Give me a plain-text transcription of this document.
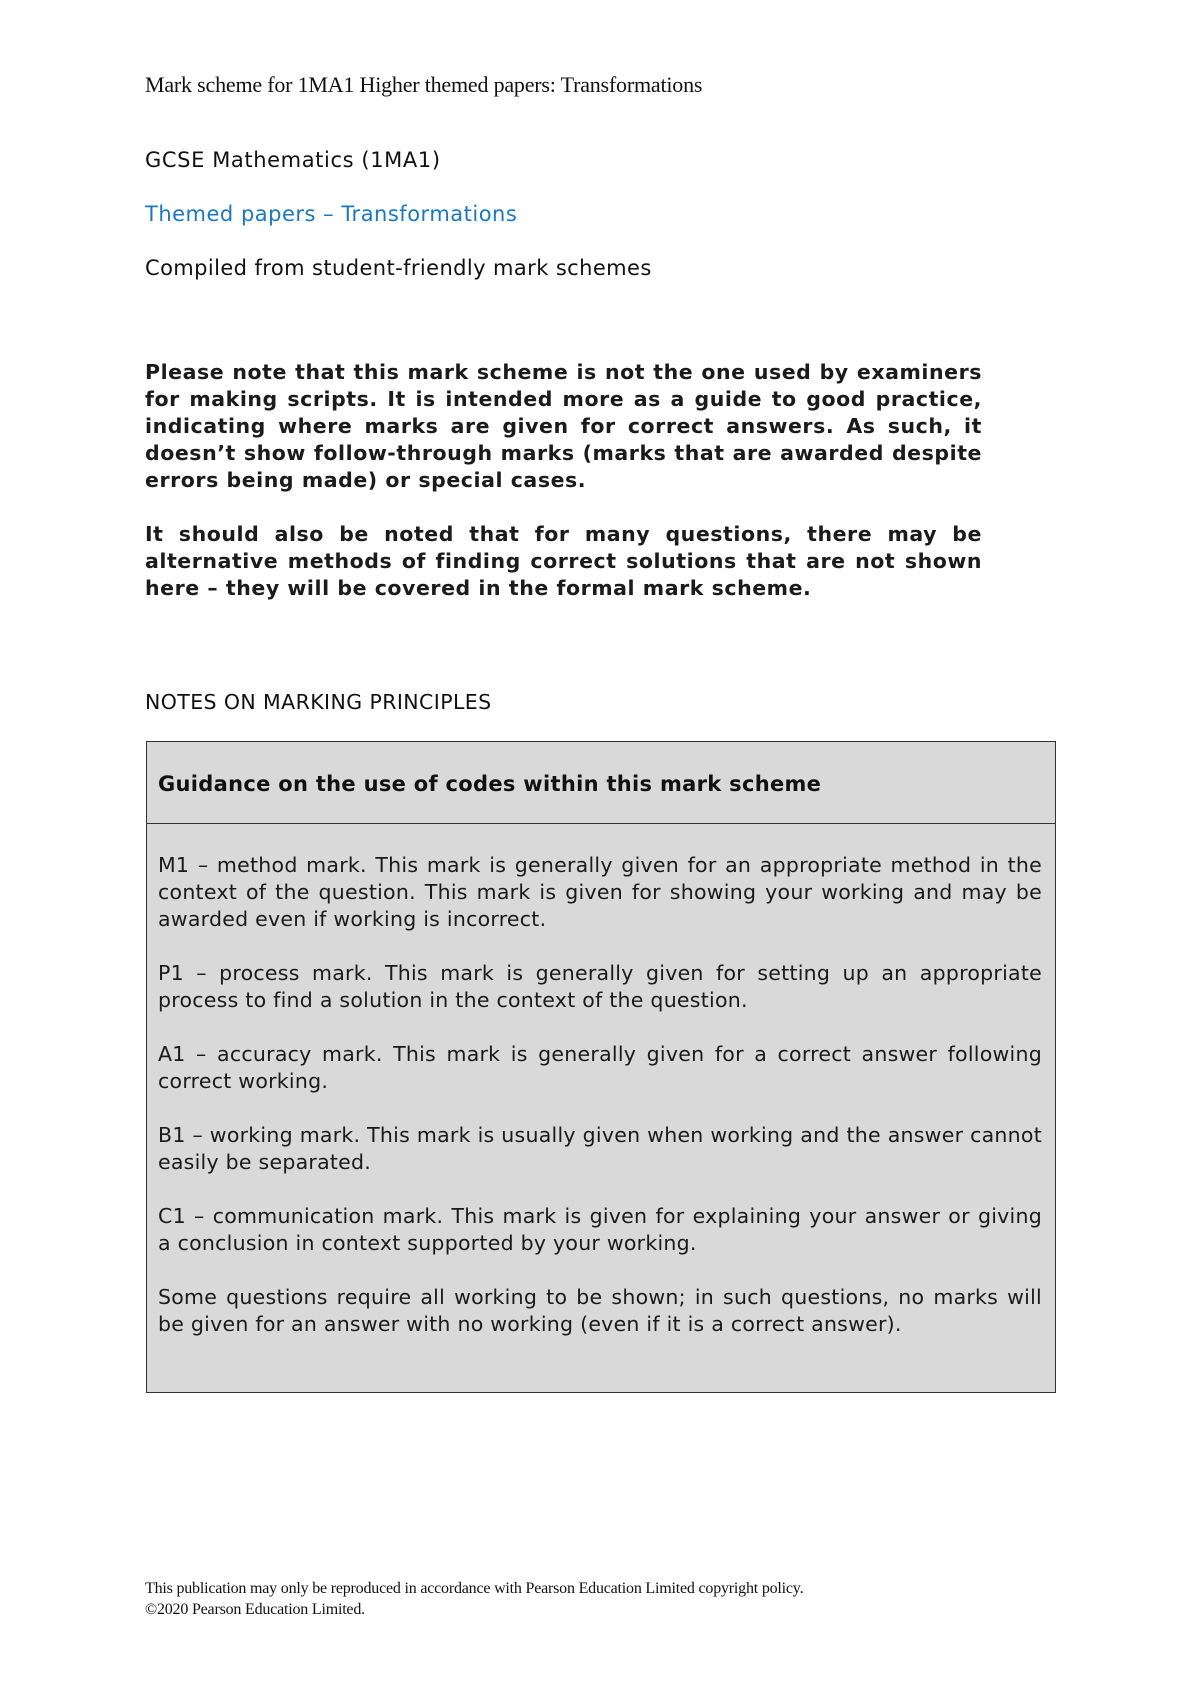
Mark scheme for 1MA1 Higher themed papers: Transformations
GCSE Mathematics (1MA1)
Themed papers – Transformations
Compiled from student-friendly mark schemes

Please note that this mark scheme is not the one used by examiners for making scripts. It is intended more as a guide to good practice, indicating where marks are given for correct answers. As such, it doesn’t show follow-through marks (marks that are awarded despite errors being made) or special cases.

It should also be noted that for many questions, there may be alternative methods of finding correct solutions that are not shown here – they will be covered in the formal mark scheme.

NOTES ON MARKING PRINCIPLES
Guidance on the use of codes within this mark scheme

M1 – method mark. This mark is generally given for an appropriate method in the context of the question. This mark is given for showing your working and may be awarded even if working is incorrect.

P1 – process mark. This mark is generally given for setting up an appropriate process to find a solution in the context of the question.

A1 – accuracy mark. This mark is generally given for a correct answer following correct working.

B1 – working mark. This mark is usually given when working and the answer cannot easily be separated.

C1 – communication mark. This mark is given for explaining your answer or giving a conclusion in context supported by your working.

Some questions require all working to be shown; in such questions, no marks will be given for an answer with no working (even if it is a correct answer).

This publication may only be reproduced in accordance with Pearson Education Limited copyright policy.
©2020 Pearson Education Limited.
